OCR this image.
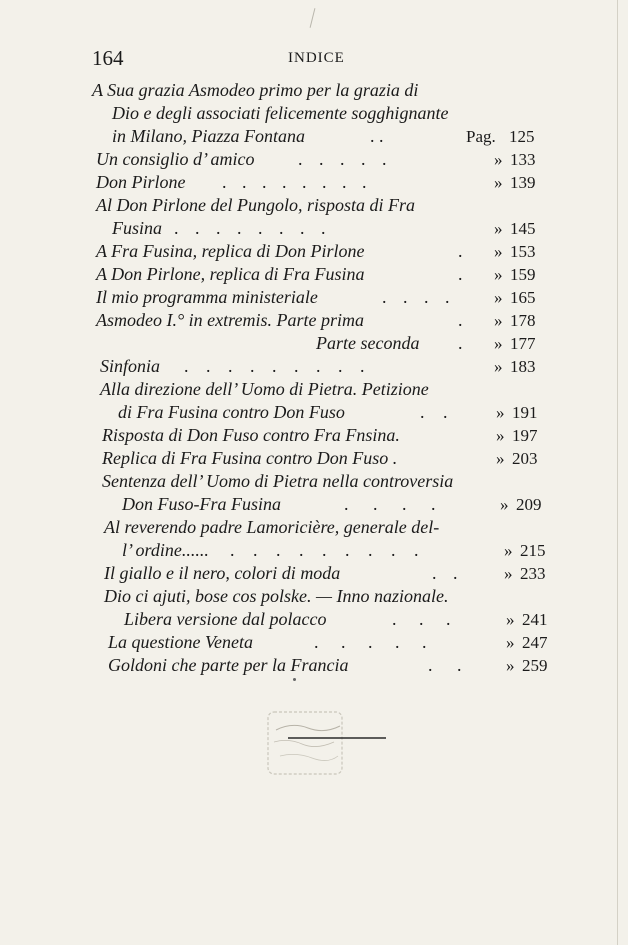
164	INDICE
A Sua grazia Asmodeo primo per la grazia di
Dio e degli associati felicemente sogghignante
in Milano, Piazza Fontana	. .	Pag. 125
Un consiglio d’ amico . . . . .	» 133
Don Pirlone . . . . . . . .	» 139
Al Don Pirlone del Pungolo, risposta di Fra
Fusina . . . . . . . .	» 145
A Fra Fusina, replica di Don Pirlone	. » 153
A Don Pirlone, replica di Fra Fusina	. » 159
Il mio programma ministeriale	. . . .	» 165
Asmodeo I.° in extremis. Parte prima	. » 178
Parte seconda . » 177
Sinfonia . . . . . . . . .	» 183
Alla direzione dell’ Uomo di Pietra. Petizione
di Fra Fusina contro Don Fuso	. .	» 191
Risposta di Don Fuso contro Fra Fnsina.	» 197
Replica di Fra Fusina contro Don Fuso .	» 203
Sentenza dell’ Uomo di Pietra nella controversia
Don Fuso-Fra Fusina	. . . .	» 209
Al reverendo padre Lamoricière, generale del-
l’ ordine...... . . . . . . . . .	» 215
Il giallo e il nero, colori di moda	. .	» 233
Dio ci ajuti, bose cos polske. — Inno nazionale.
Libera versione dal polacco	. . .	» 241
La questione Veneta	. . . . .	» 247
Goldoni che parte per la Francia	. .	» 259
